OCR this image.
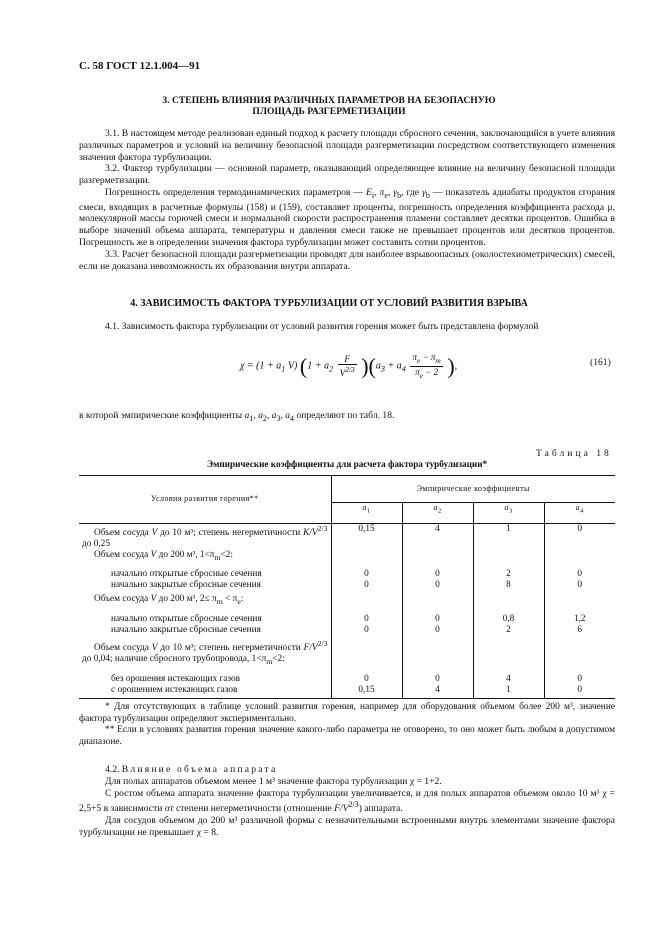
С. 58 ГОСТ 12.1.004—91
3. СТЕПЕНЬ ВЛИЯНИЯ РАЗЛИЧНЫХ ПАРАМЕТРОВ НА БЕЗОПАСНУЮ
ПЛОЩАДЬ РАЗГЕРМЕТИЗАЦИИ

3.1. В настоящем методе реализован единый подход к расчету площади сбросного сечения, заключающийся в учете влияния различных параметров и условий на величину безопасной площади разгерметизации посредством соответствующего изменения значения фактора турбулизации.

3.2. Фактор турбулизации — основной параметр, оказывающий определяющее влияние на величину безопасной площади разгерметизации.

Погрешность определения термодинамических параметров — $E_i$, $\pi_e$, $\gamma_b$, где $\gamma_b$ — показатель адиабаты продуктов сгорания смеси, входящих в расчетные формулы (158) и (159), составляет проценты, погрешность определения коэффициента расхода μ, молекулярной массы горючей смеси и нормальной скорости распространения пламени составляет десятки процентов. Ошибка в выборе значений объема аппарата, температуры и давления смеси также не превышает процентов или десятков процентов. Погрешность же в определении значения фактора турбулизации может составить сотни процентов.

3.3. Расчет безопасной площади разгерметизации проводят для наиболее взрывоопасных (околостехиометрических) смесей, если не доказана невозможность их образования внутри аппарата.

4. ЗАВИСИМОСТЬ ФАКТОРА ТУРБУЛИЗАЦИИ ОТ УСЛОВИЙ РАЗВИТИЯ ВЗРЫВА

4.1. Зависимость фактора турбулизации от условий развития горения может быть представлена формулой

$\chi = (1 + a_1$ V) $(1 + a_2 \frac{F}{V^{2/3}} )(a_3 + a_4 \frac{\pi_e - \pi_m}{\pi_e - 2}$ ),	(161)

в которой эмпирические коэффициенты $a_1$, $a_2$, $a_3$, $a_4$ определяют по табл. 18.

Таблица 18
Эмпирические коэффициенты для расчета фактора турбулизации*
Условия развития горения**	Эмпирические коэффициенты			
	$a_1$	$a_2$	$a_3$	$a_4$
Объем сосуда V до 10 м³; степень негерметичности $K/V^{2/3}$ до 0,25	0,15	4	1	0
Объем сосуда V до 200 м³, $1<\pi_m<2$:				
начально открытые сбросные сечения	0	0	2	0
начально закрытые сбросные сечения	0	0	8	0
Объем сосуда V до 200 м³, $2\le \pi_m < \pi_e$:				
начально открытые сбросные сечения	0	0	0,8	1,2
начально закрытые сбросные сечения	0	0	2	6
Объем сосуда V до 10 м³; степень негерметичности $F/V^{2/3}$ до 0,04; наличие сбросного трубопровода, $1<\pi_m<2$:				
без орошения истекающих газов	0	0	4	0
с орошением истекающих газов	0,15	4	1	0

* Для отсутствующих в таблице условий развития горения, например для оборудования объемом более 200 м³, значение фактора турбулизации определяют экспериментально.

** Если в условиях развития горения значение какого-либо параметра не оговорено, то оно может быть любым в допустимом диапазоне.

4.2. Влияние объема аппарата

Для полых аппаратов объемом менее 1 м³ значение фактора турбулизации χ = 1+2.

С ростом объема аппарата значение фактора турбулизации увеличивается, и для полых аппаратов объемом около 10 м³ χ = 2,5+5 в зависимости от степени негерметичности (отношение $F/V^{2/3}$) аппарата.

Для сосудов объемом до 200 м³ различной формы с незначительными встроенными внутрь элементами значение фактора турбулизации не превышает χ = 8.
